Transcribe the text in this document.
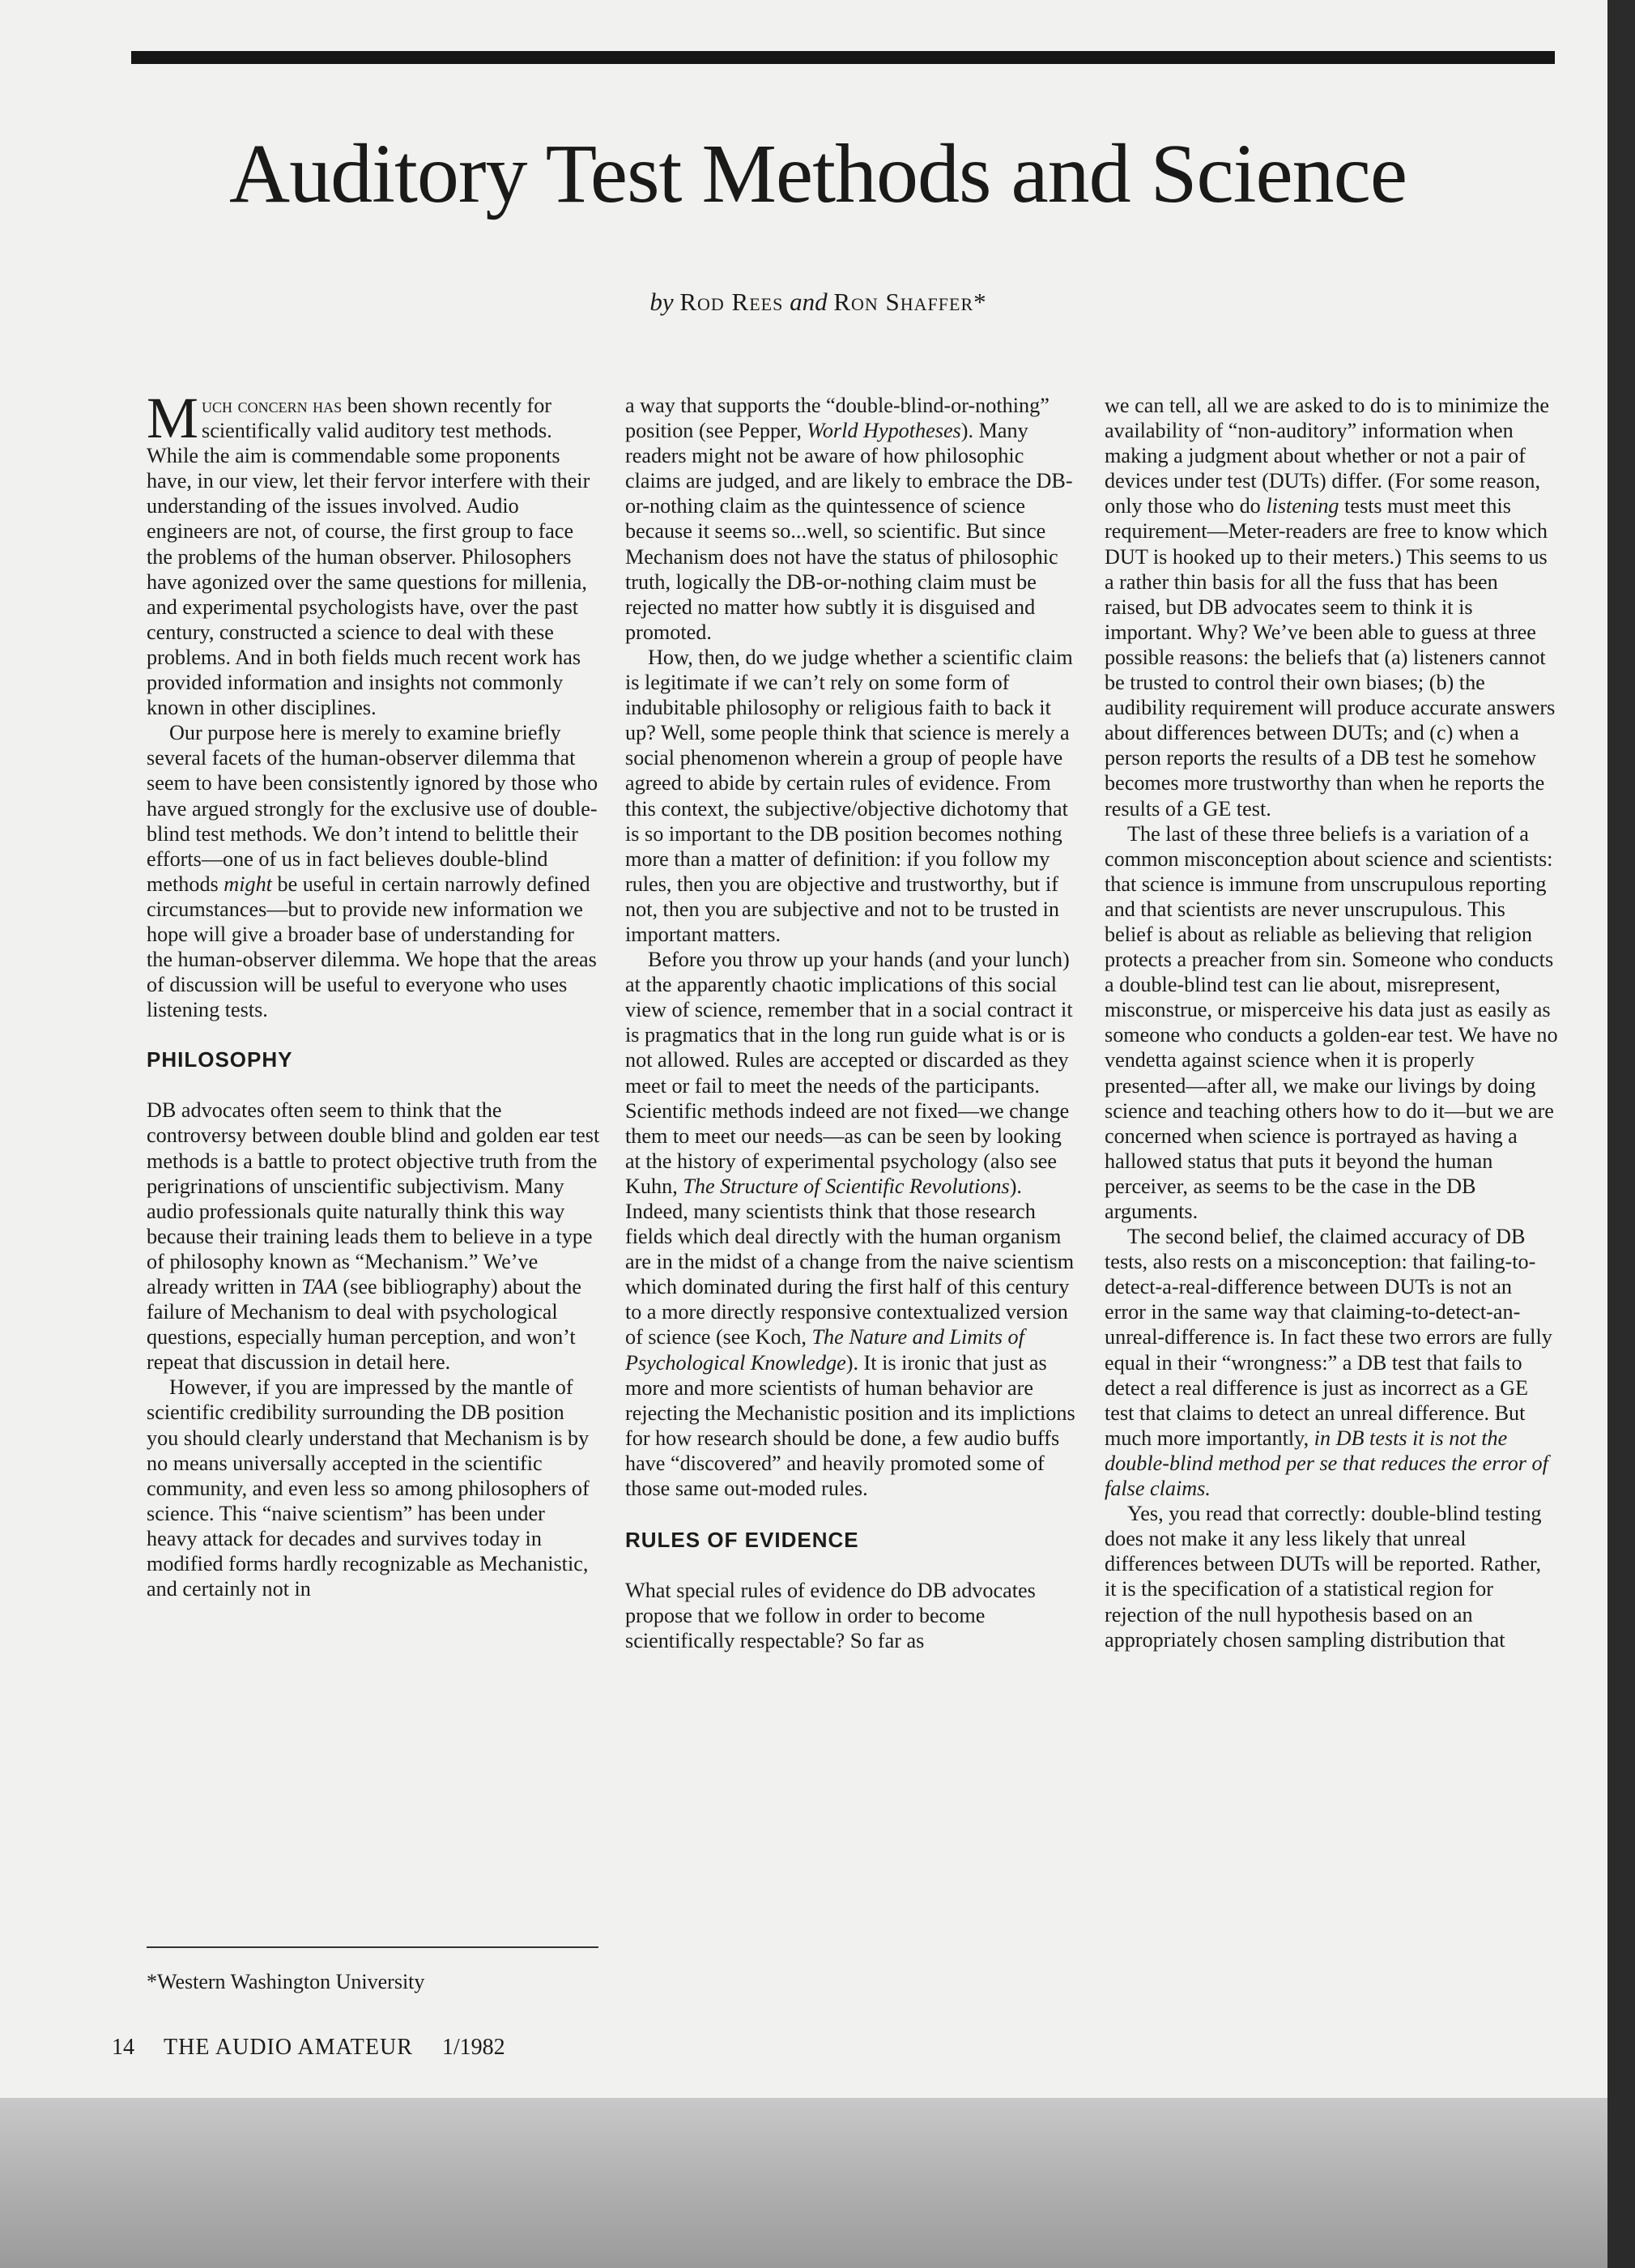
Auditory Test Methods and Science
by Rod Rees and Ron Shaffer*

Much concern has been shown recently for scientifically valid auditory test methods. While the aim is commendable some proponents have, in our view, let their fervor interfere with their understanding of the issues involved. Audio engineers are not, of course, the first group to face the problems of the human observer. Philosophers have agonized over the same questions for millenia, and experimental psychologists have, over the past century, constructed a science to deal with these problems. And in both fields much recent work has provided information and insights not commonly known in other disciplines.

Our purpose here is merely to examine briefly several facets of the human-observer dilemma that seem to have been consistently ignored by those who have argued strongly for the exclusive use of double-blind test methods. We don’t intend to belittle their efforts—one of us in fact believes double-blind methods might be useful in certain narrowly defined circumstances—but to provide new information we hope will give a broader base of understanding for the human-observer dilemma. We hope that the areas of discussion will be useful to everyone who uses listening tests.

PHILOSOPHY

DB advocates often seem to think that the controversy between double blind and golden ear test methods is a battle to protect objective truth from the perigrinations of unscientific subjectivism. Many audio professionals quite naturally think this way because their training leads them to believe in a type of philosophy known as “Mechanism.” We’ve already written in TAA (see bibliography) about the failure of Mechanism to deal with psychological questions, especially human perception, and won’t repeat that discussion in detail here.

However, if you are impressed by the mantle of scientific credibility surrounding the DB position you should clearly understand that Mechanism is by no means universally accepted in the scientific community, and even less so among philosophers of science. This “naive scientism” has been under heavy attack for decades and survives today in modified forms hardly recognizable as Mechanistic, and certainly not in

a way that supports the “double-blind-or-nothing” position (see Pepper, World Hypotheses). Many readers might not be aware of how philosophic claims are judged, and are likely to embrace the DB-or-nothing claim as the quintessence of science because it seems so...well, so scientific. But since Mechanism does not have the status of philosophic truth, logically the DB-or-nothing claim must be rejected no matter how subtly it is disguised and promoted.

How, then, do we judge whether a scientific claim is legitimate if we can’t rely on some form of indubitable philosophy or religious faith to back it up? Well, some people think that science is merely a social phenomenon wherein a group of people have agreed to abide by certain rules of evidence. From this context, the subjective/objective dichotomy that is so important to the DB position becomes nothing more than a matter of definition: if you follow my rules, then you are objective and trustworthy, but if not, then you are subjective and not to be trusted in important matters.

Before you throw up your hands (and your lunch) at the apparently chaotic implications of this social view of science, remember that in a social contract it is pragmatics that in the long run guide what is or is not allowed. Rules are accepted or discarded as they meet or fail to meet the needs of the participants. Scientific methods indeed are not fixed—we change them to meet our needs—as can be seen by looking at the history of experimental psychology (also see Kuhn, The Structure of Scientific Revolutions). Indeed, many scientists think that those research fields which deal directly with the human organism are in the midst of a change from the naive scientism which dominated during the first half of this century to a more directly responsive contextualized version of science (see Koch, The Nature and Limits of Psychological Knowledge). It is ironic that just as more and more scientists of human behavior are rejecting the Mechanistic position and its implictions for how research should be done, a few audio buffs have “discovered” and heavily promoted some of those same out-moded rules.

RULES OF EVIDENCE

What special rules of evidence do DB advocates propose that we follow in order to become scientifically respectable? So far as

we can tell, all we are asked to do is to minimize the availability of “non-auditory” information when making a judgment about whether or not a pair of devices under test (DUTs) differ. (For some reason, only those who do listening tests must meet this requirement—Meter-readers are free to know which DUT is hooked up to their meters.) This seems to us a rather thin basis for all the fuss that has been raised, but DB advocates seem to think it is important. Why? We’ve been able to guess at three possible reasons: the beliefs that (a) listeners cannot be trusted to control their own biases; (b) the audibility requirement will produce accurate answers about differences between DUTs; and (c) when a person reports the results of a DB test he somehow becomes more trustworthy than when he reports the results of a GE test.

The last of these three beliefs is a variation of a common misconception about science and scientists: that science is immune from unscrupulous reporting and that scientists are never unscrupulous. This belief is about as reliable as believing that religion protects a preacher from sin. Someone who conducts a double-blind test can lie about, misrepresent, misconstrue, or misperceive his data just as easily as someone who conducts a golden-ear test. We have no vendetta against science when it is properly presented—after all, we make our livings by doing science and teaching others how to do it—but we are concerned when science is portrayed as having a hallowed status that puts it beyond the human perceiver, as seems to be the case in the DB arguments.

The second belief, the claimed accuracy of DB tests, also rests on a misconception: that failing-to-detect-a-real-difference between DUTs is not an error in the same way that claiming-to-detect-an-unreal-difference is. In fact these two errors are fully equal in their “wrongness:” a DB test that fails to detect a real difference is just as incorrect as a GE test that claims to detect an unreal difference. But much more importantly, in DB tests it is not the double-blind method per se that reduces the error of false claims.

Yes, you read that correctly: double-blind testing does not make it any less likely that unreal differences between DUTs will be reported. Rather, it is the specification of a statistical region for rejection of the null hypothesis based on an appropriately chosen sampling distribution that

*Western Washington University
14 THE AUDIO AMATEUR 1/1982
